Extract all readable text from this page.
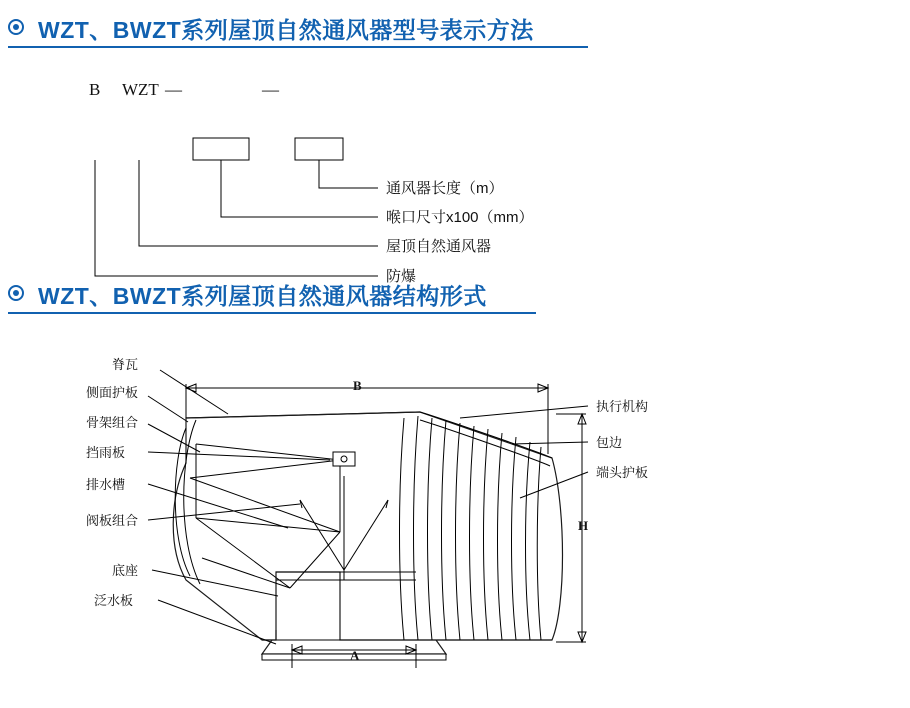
WZT、BWZT系列屋顶自然通风器型号表示方法
B WZT —	—
通风器长度（m）
喉口尺寸x100（mm）
屋顶自然通风器
防爆
WZT、BWZT系列屋顶自然通风器结构形式
脊瓦
侧面护板
骨架组合
挡雨板
排水槽
阀板组合
底座
泛水板
执行机构
包边
端头护板
B
H
A
